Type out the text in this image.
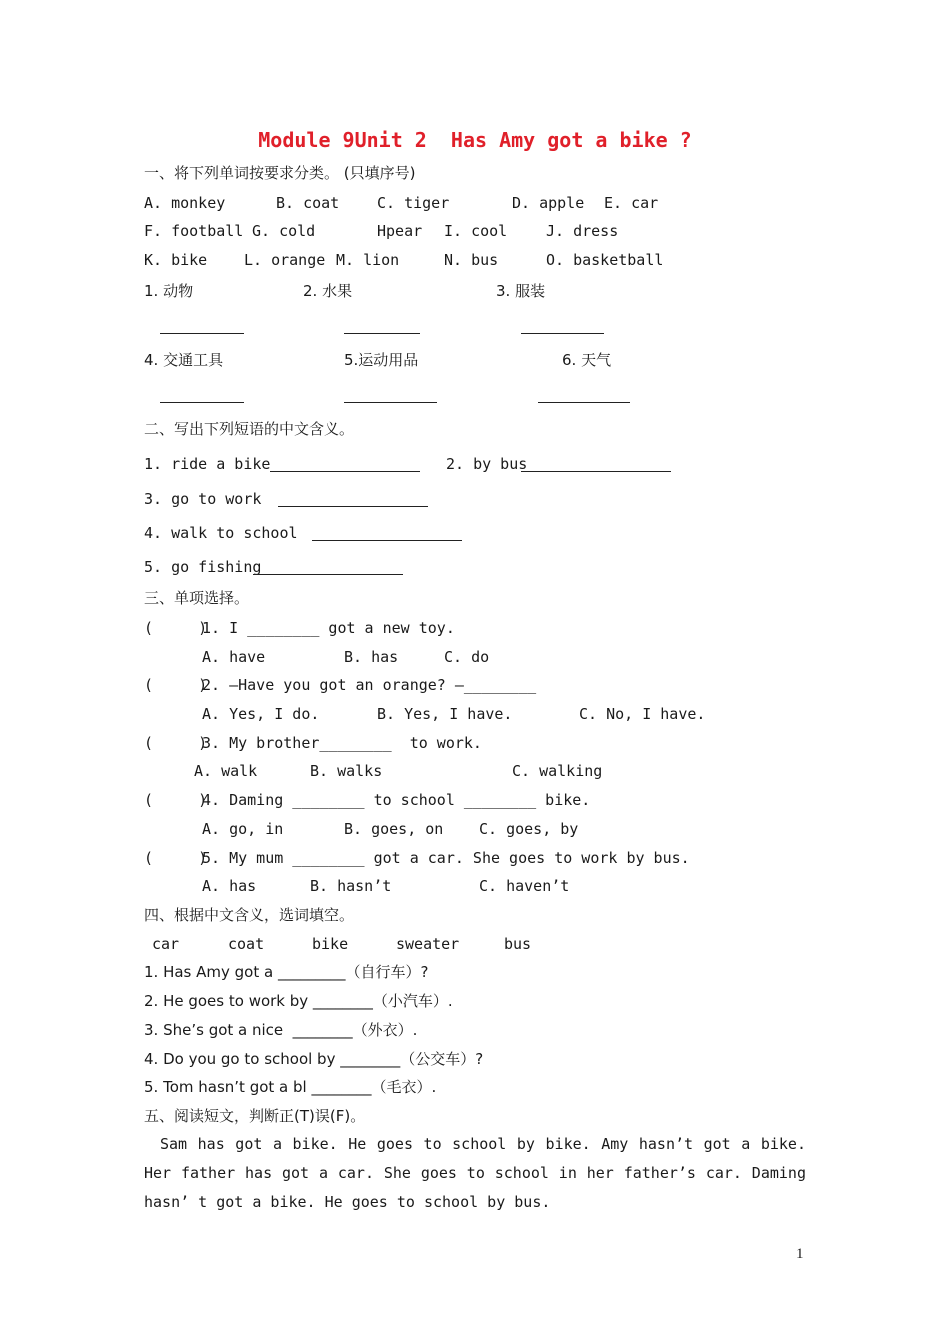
Module 9Unit 2  Has Amy got a bike ?
一、将下列单词按要求分类。 (只填序号)
A. monkey	B. coat	C. tiger	D. apple E. car
F. football G. cold	Hpear I. cool	J. dress
K. bike L. orange M. lion	N. bus	O. basketball
1. 动物	2. 水果	3. 服装
4. 交通工具	5.运动用品	6. 天气
二、写出下列短语的中文含义。
1. ride a bike	2. by bus
3. go to work
4. walk to school
5. go fishing
三、单项选择。
(     )
1. I ________ got a new toy.
A. have	B. has	C. do
(     )
2. —Have you got an orange? —________
A. Yes, I do.	B. Yes, I have.	C. No, I have.
(     )
3. My brother________  to work.
A. walk	B. walks	C. walking
(     )
4. Daming ________ to school ________ bike.
A. go, in	B. goes, on C. goes, by
(     )
5. My mum ________ got a car. She goes to work by bus.
A. has	B. hasn’t	C. haven’t
四、根据中文含义，选词填空。
car	coat	bike	sweater	bus
1. Has Amy got a _________（自行车）?
2. He goes to work by ________（小汽车）.
3. She’s got a nice  ________（外衣）.
4. Do you go to school by ________（公交车）?
5. Tom hasn’t got a bl ________（毛衣）.
五、阅读短文，判断正(T)误(F)。
Sam has got a bike. He goes to school by bike. Amy hasn’t got a bike. Her father has got a car. She goes to school in her father’s car. Daming hasn’ t got a bike. He goes to school by bus.
1
